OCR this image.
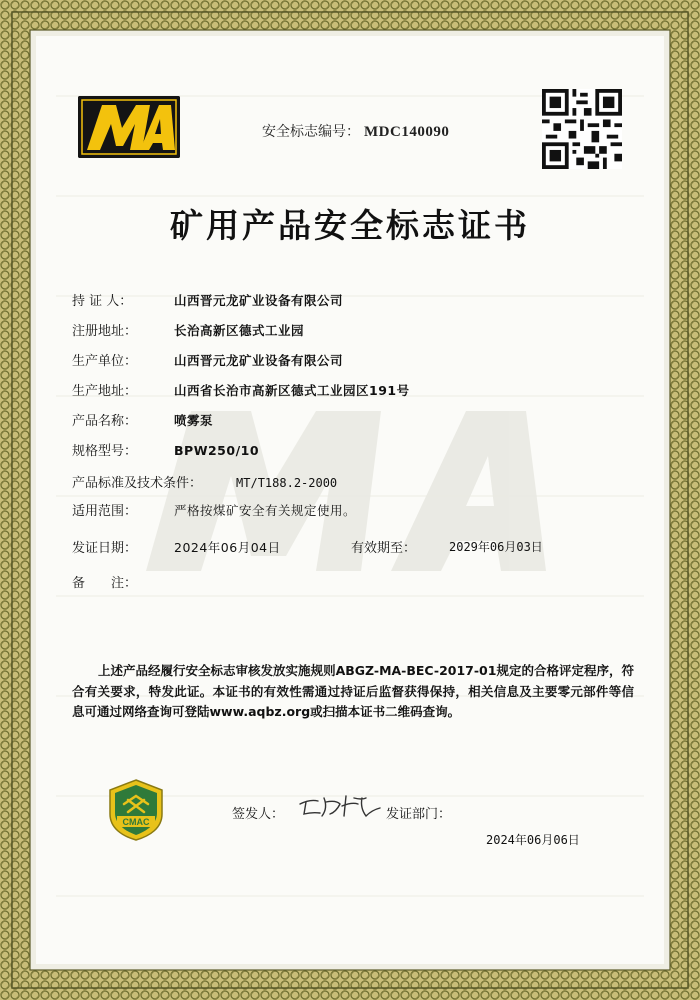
安全标志编号： MDC140090
矿用产品安全标志证书
持 证 人：	山西晋元龙矿业设备有限公司
注册地址：	长治高新区德式工业园
生产单位：	山西晋元龙矿业设备有限公司
生产地址：	山西省长治市高新区德式工业园区191号
产品名称：	喷雾泵
规格型号：	BPW250/10
产品标准及技术条件：	MT/T188.2-2000
适用范围：	严格按煤矿安全有关规定使用。
发证日期：	2024年06月04日	有效期至：	2029年06月03日
备　　注：
上述产品经履行安全标志审核发放实施规则ABGZ-MA-BEC-2017-01规定的合格评定程序，符合有关要求，特发此证。本证书的有效性需通过持证后监督获得保持，相关信息及主要零元部件等信息可通过网络查询可登陆www.aqbz.org或扫描本证书二维码查询。
CMAC	签发人：	发证部门：
2024年06月06日
